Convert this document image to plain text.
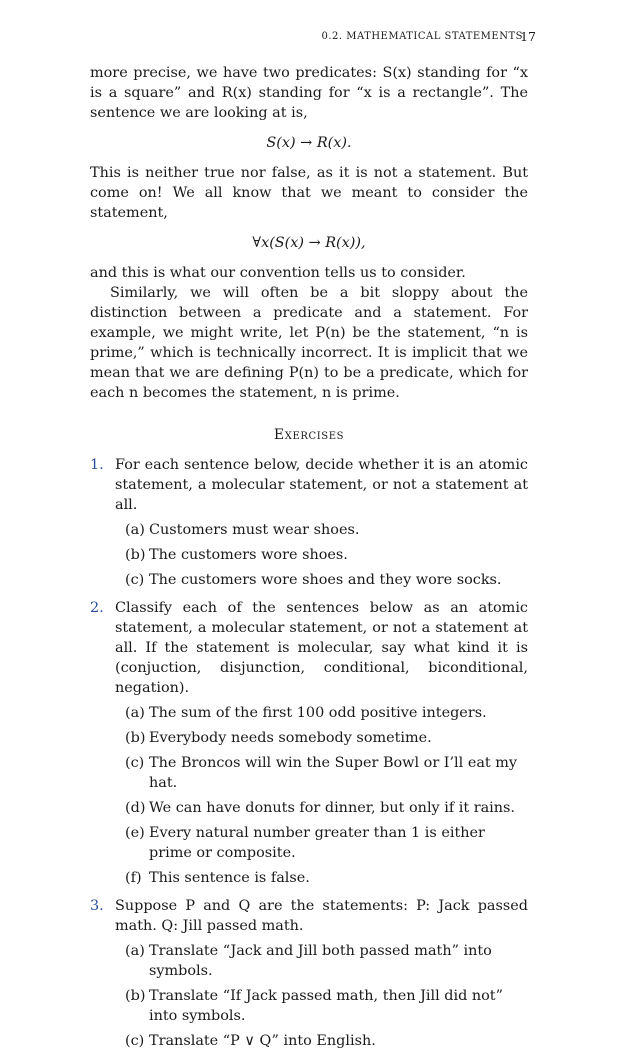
0.2. MATHEMATICAL STATEMENTS
17

more precise, we have two predicates: S(x) standing for “x is a square” and R(x) standing for “x is a rectangle”. The sentence we are looking at is,

S(x) → R(x).

This is neither true nor false, as it is not a statement. But come on! We all know that we meant to consider the statement,

∀x(S(x) → R(x)),

and this is what our convention tells us to consider.

Similarly, we will often be a bit sloppy about the distinction between a predicate and a statement. For example, we might write, let P(n) be the statement, “n is prime,” which is technically incorrect. It is implicit that we mean that we are defining P(n) to be a predicate, which for each n becomes the statement, n is prime.

Exercises
1. For each sentence below, decide whether it is an atomic statement, a molecular statement, or not a statement at all.
(a) Customers must wear shoes.
(b) The customers wore shoes.
(c) The customers wore shoes and they wore socks.
2. Classify each of the sentences below as an atomic statement, a molecular statement, or not a statement at all. If the statement is molecular, say what kind it is (conjuction, disjunction, conditional, biconditional, negation).
(a) The sum of the first 100 odd positive integers.
(b) Everybody needs somebody sometime.
(c) The Broncos will win the Super Bowl or I’ll eat my hat.
(d) We can have donuts for dinner, but only if it rains.
(e) Every natural number greater than 1 is either prime or composite.
(f) This sentence is false.
3. Suppose P and Q are the statements: P: Jack passed math. Q: Jill passed math.
(a) Translate “Jack and Jill both passed math” into symbols.
(b) Translate “If Jack passed math, then Jill did not” into symbols.
(c) Translate “P ∨ Q” into English.
